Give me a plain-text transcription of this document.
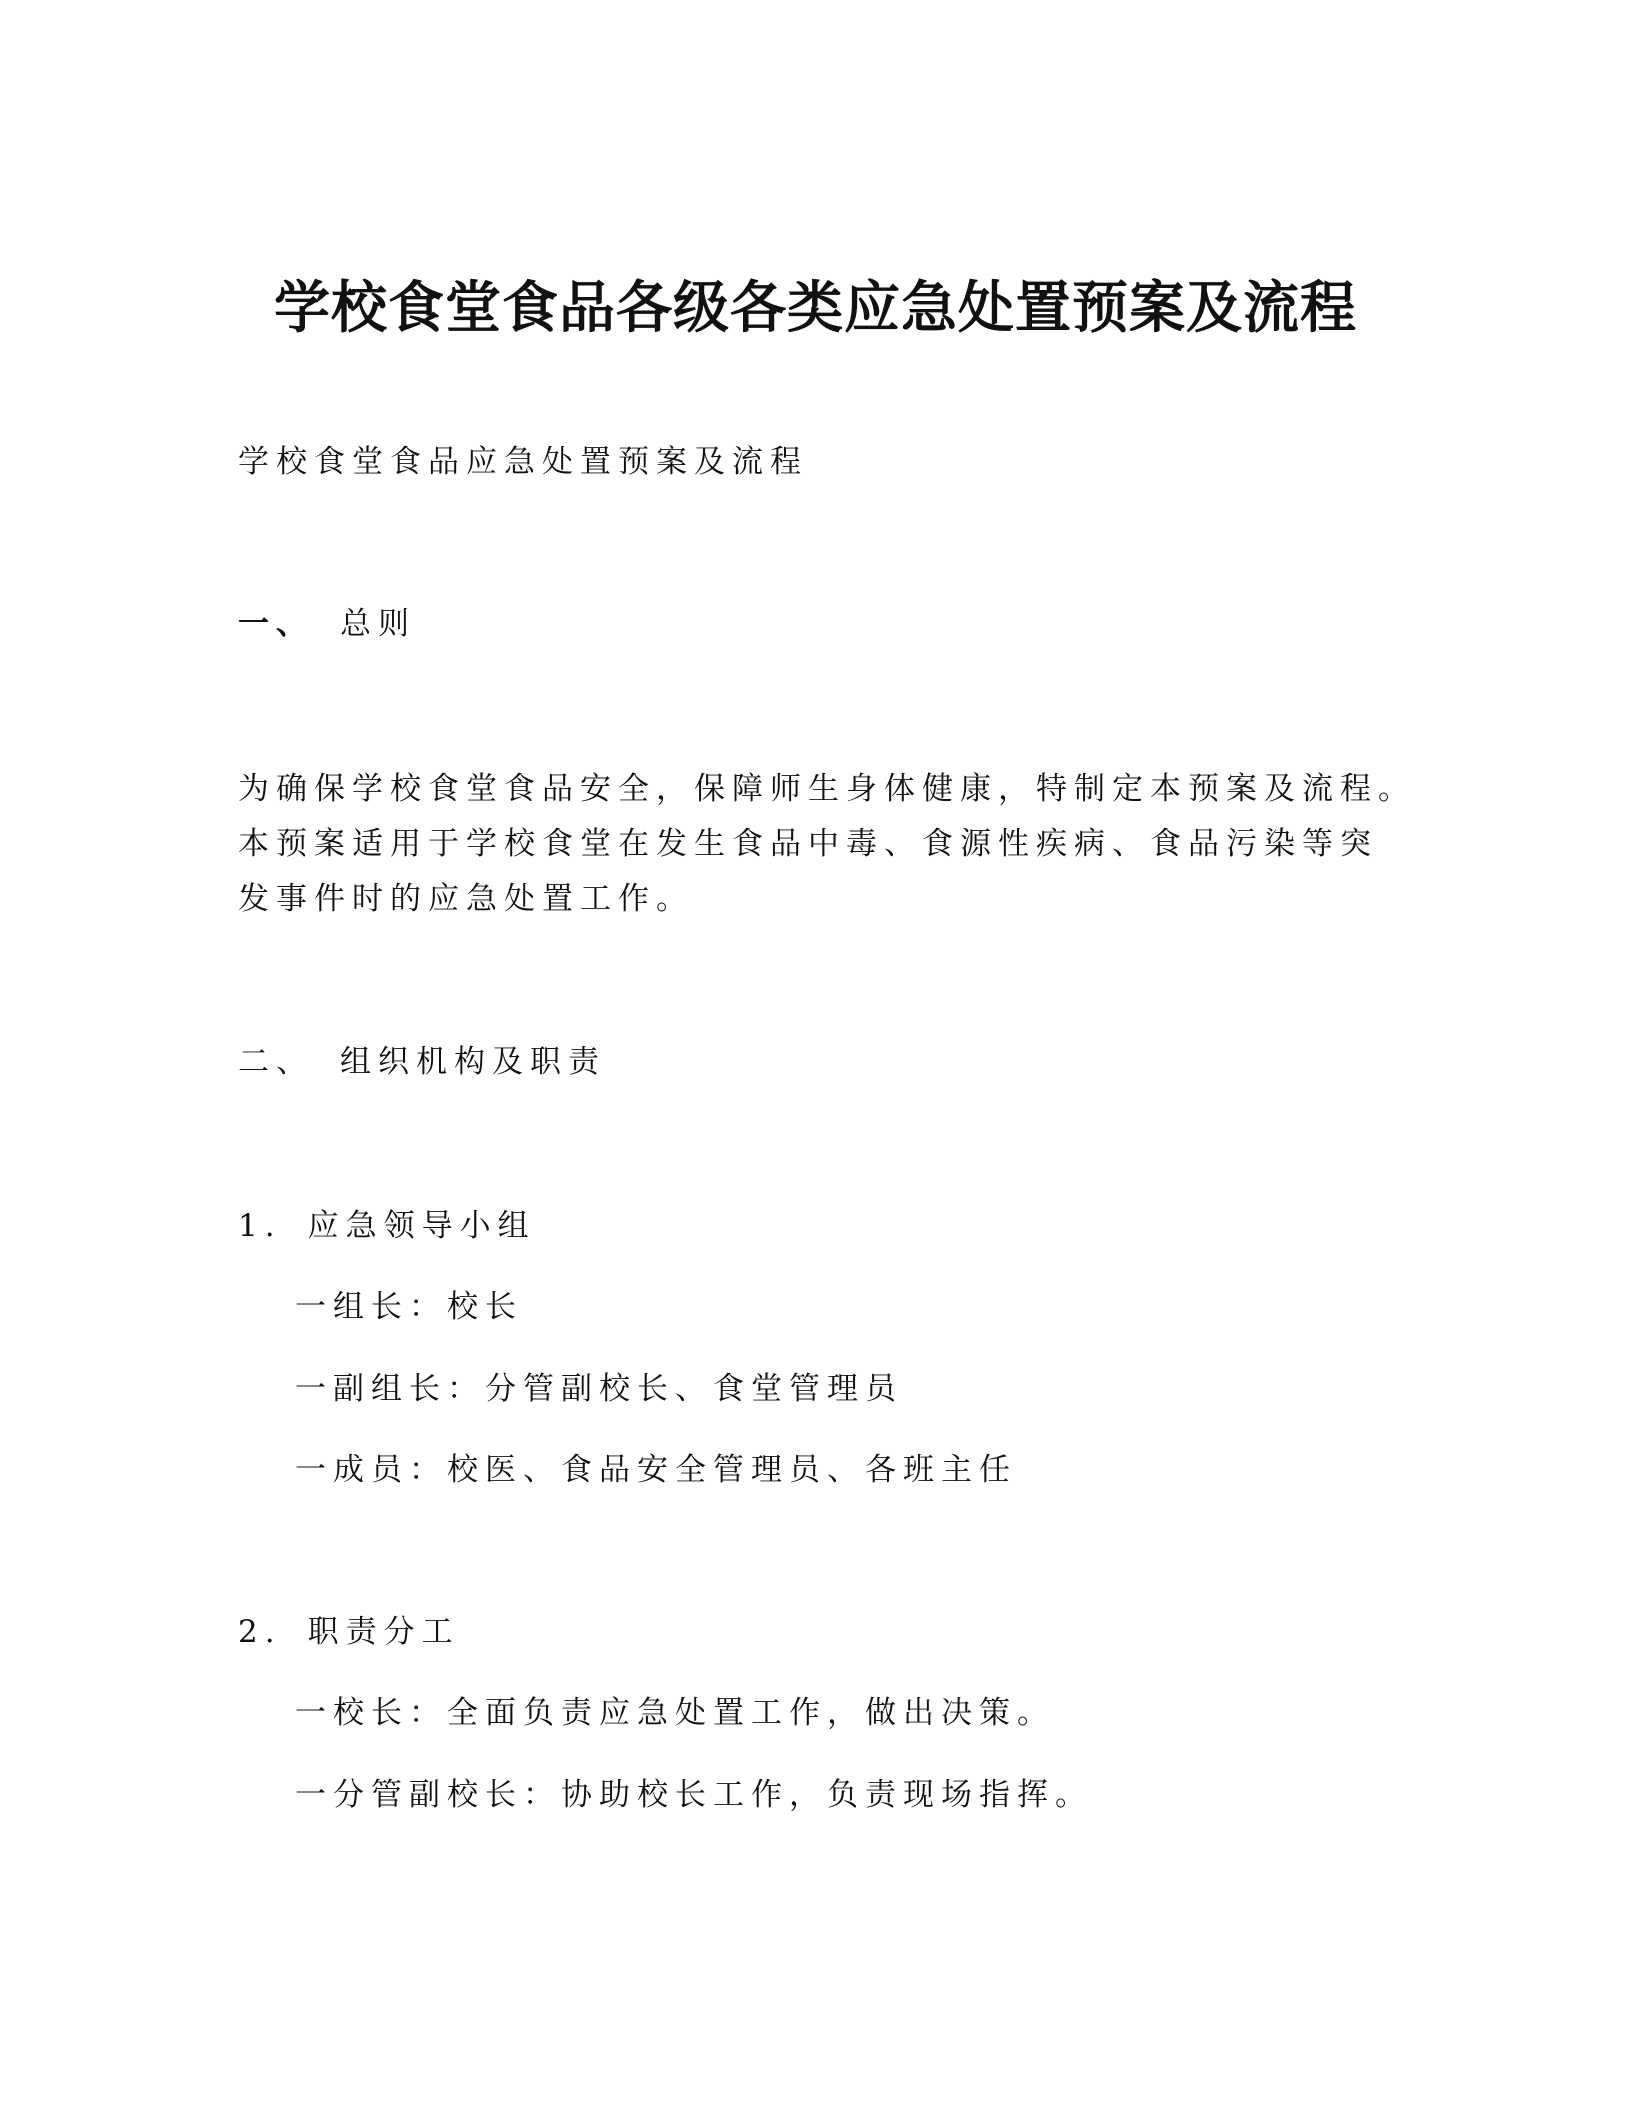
学校食堂食品各级各类应急处置预案及流程

学校食堂食品应急处置预案及流程

一、 总则

为确保学校食堂食品安全，保障师生身体健康，特制定本预案及流程。

本预案适用于学校食堂在发生食品中毒、食源性疾病、食品污染等突

发事件时的应急处置工作。

二、 组织机构及职责

1. 应急领导小组

一组长：校长

一副组长：分管副校长、食堂管理员

一成员：校医、食品安全管理员、各班主任

2. 职责分工

一校长：全面负责应急处置工作，做出决策。

一分管副校长：协助校长工作，负责现场指挥。
